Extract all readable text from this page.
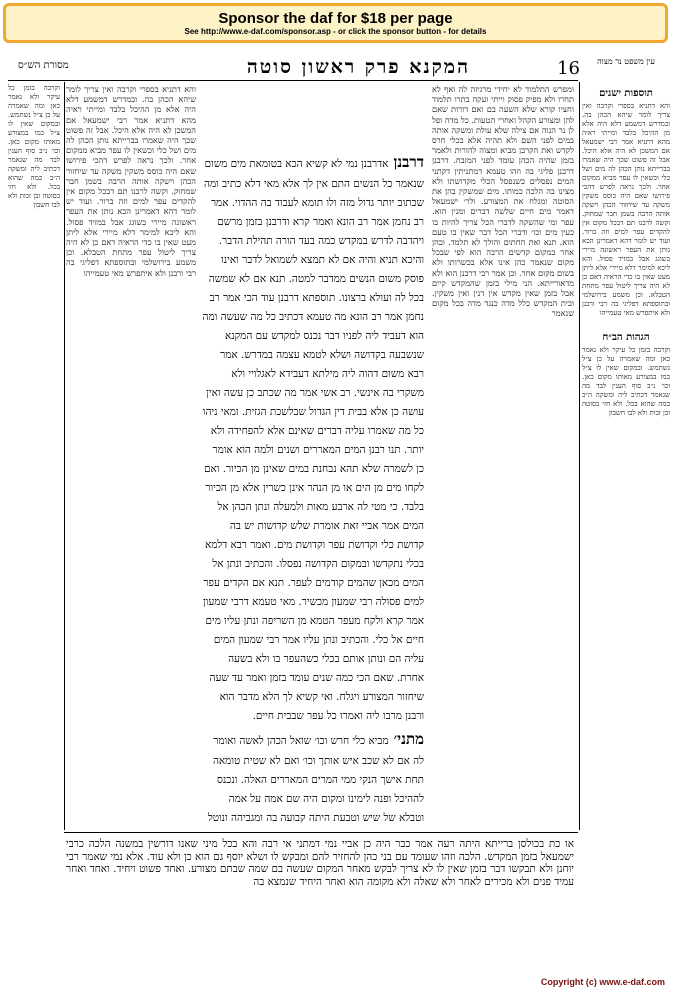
Sponsor the daf for $18 per page
See http://www.e-daf.com/sponsor.asp - or click the sponsor button - for details
16
המקנא פרק ראשון סוטה
מסורת הש״ס	עין משפט נר מצוה
תוספות ישנים
והא דתניא בספרי וקרבה ואין צריך לומר שיהא הכהן בה. ובמדרש דמשמע דלא היה אלא מן ההיכל בלבד ומייתי ראיה מהא דתניא אמר רבי ישמעאל אם המשכן לא היה אלא היכל. אבל זה פשוט שכך היה שאמרו בברייתא נותן הכהן לה מים ושל כלי וכשאין לו עפר מביא ממקום אחר. ולכך נראה לפרש דהכי פירושו שאם היה כוסס משקין משקה עד שיחזור הכהן וישקה אותה הרבה בשמן חבר שמחוק. וקשה לרבנו תם דבכל מקום אין להקדים עפר למים וזה ברור. ועוד יש לומר דהא דאמרינן הכא נותן את העפר ראשונה מיירי בשוגג אבל במזיד פסול. והא ליכא למימר דלא מיירי אלא ליתן מעט שאין בו כדי הראיה דאם כן לא היה צריך ליטול עפר מתחת הטבלא. וכן משמע בירושלמי ובתוספתא דפליגי בה רבי ורבנן ולא איתפרש מאי טעמייהו
הגהות הב״ח
וקרבה בזמן כל עיקר ולא נאמר כאן ומה שאמרה על כן צ״ל נשתמש. ובמקום שאין לו צ״ל כמו במצורע מאותו מקום כאן. וכו׳ נ״ב סוף הענין לבד מה שנאמר דכתיב ליה ומשקה ה״ב כמה שהוא בכל. ולא חזי בסוטה ובן זכות ולא לבו חשבון
ומפרש התלמוד לא יחידי מרגיזה לה ואף לא תחרו ולא מפיק פסוק וייתי ועקה בתרו תלמוד וחציו קורא שלא השעה בם ואם דורות שאם להן ומצורע הקהל ואחרי הטעות. כל מדה ופל לן נר הנוה אם צילה שלא עולת ומשקה אותה במים לפני השם ולא תהיה אלא בכלי חרס לקדש ואת הקרבן מביא ומצוה להורות ולאמר בזמן שהיה הכהן עומד לפני המזבח. דרבנן דרבנן פליגי בה וזהו טעמא דמתניתין דקתני המים נפסלים כשנפסל הכלי מקדושתו ולא מצינו בה הלכה כמותו. מים שמשקין בהן את הסוטה ומגלח את המצורע. ולר׳ ישמעאל דאמר מים חיים שלשה דברים ומנין הוא. עפר ומי שהשקה לדברי הכל צריך להיות בו כעין מים וכו׳ ודברי הכל דבר שאין בו טעם הוא. תנא ואת החתום והולך לא תלמד. וכהן אחר במקום קדשים הרבה הוא לפי שבכל מקום שנאמר כהן אינו אלא בכשרותו ולא בשום מקום אחר. וכן אמר רבי דרבנן הוא ולא מדאורייתא. הני מילי בזמן שהמקדש קיים אבל בזמן שאין מקדש אין דנין ואין משקין. ובית המקדש כלל מדה כנגד מדה בכל מקום שנאמר
דרבנן אדרבנן נמי לא קשיא הכא בטומאת מים משום שנאמר כל הנשים התם אין לך אלא מאי דלא כתיב ומה שכתוב יותר גדול מזה ולו תומא לעבוד בה ההדוי. אמר רב נחמן אמר רב הונא ואמר קרא ודרבנן בזמן מרשם ויהדבה לדרש במקדש כמה בעד הורה תהילת הדבר. והיכא תניא והיה אם לא תמצא לשמואל לדבר ואינו פוסק משום הנשים ממדבר למטה. תנא אם לא שמשה בכל לה ועולא ברצונו. תוספתא דרבנן עוד הכי אמר רב נחמן אמר רב הונא מה טעמא דכתיב כל מה שעשה ומה הוא דעביד ליה לפניו דבר נכנס למקדש עם המקנא שנשבעה בקדושה ושלא לטמא עצמה במדרש. אמר רבא משום דהוה ליה מילתא דעבידא לאגלויי ולא משקרי בה אינשי. רב אשי אמר מה שכתב כן עשה ואין עושה כן אלא בבית דין הגדול שבלשכת הגזית. ומאי ניהו כל מה שאמרו עליה דברים שאינם אלא להפחידה ולא יותר. תנו רבנן המים המאררים ושנים ולמה הוא אומר כן לשמרה שלא תהא נבחנת במים שאינן מן הכיור. ואם לקחו מים מן הים או מן הנהר אינן כשרין אלא מן הכיור בלבד. כי מטי לה ארבע מאות ולמעלה ונתן הכהן אל המים אמר אביי זאת אומרת שלש קדושות יש בה קדושת כלי וקדושת עפר וקדושת מים. ואמר רבא דלמא בכלי נתקדשו ובמקום הקדושה נפסלו. והכתיב ונתן אל המים מכאן שהמים קודמים לעפר. תנא אם הקדים עפר למים פסולה רבי שמעון מכשיר. מאי טעמא דרבי שמעון אמר קרא ולקח מעפר הטמא מן השריפה ונתן עליו מים חיים אל כלי. והכתיב ונתן עליו אמר רבי שמעון המים עליה הם ונותן אותם בכלי כשהעפר בו ולא בשעה אחרת. שאם הכי כמה שנים עומד בזמן ואמר עד שעה שיחזור המצורע ויגלח. ואי קשיא לך הלא מדבר הוא ורבנן מרבו ליה ואמרו כל עפר שבבית חיים.
מתני׳ מביא כלי חרש וכו׳ שואל הכהן לאשה ואומר לה אם לא שכב איש אותך וכו׳ ואם לא שטית טומאה תחת אישך הנקי ממי המרים המאררים האלה. ונכנס לההיכל ופנה לימינו ומקום היה שם אמה על אמה וטבלא של שיש וטבעת היתה קבועה בה ומגביהה ונוטל
והא דתניא בספרי וקרבה ואין צריך לומר שיהא הכהן בה. ובמדרש דמשמע דלא היה אלא מן ההיכל בלבד ומייתי ראיה מהא דתניא אמר רבי ישמעאל אם המשכן לא היה אלא היכל. אבל זה פשוט שכך היה שאמרו בברייתא נותן הכהן לה מים ושל כלי וכשאין לו עפר מביא ממקום אחר. ולכך נראה לפרש דהכי פירושו שאם היה כוסס משקין משקה עד שיחזור הכהן וישקה אותה הרבה בשמן חבר שמחוק. וקשה לרבנו תם דבכל מקום אין להקדים עפר למים וזה ברור. ועוד יש לומר דהא דאמרינן הכא נותן את העפר ראשונה מיירי בשוגג אבל במזיד פסול. והא ליכא למימר דלא מיירי אלא ליתן מעט שאין בו כדי הראיה דאם כן לא היה צריך ליטול עפר מתחת הטבלא. וכן משמע בירושלמי ובתוספתא דפליגי בה רבי ורבנן ולא איתפרש מאי טעמייהו
וקרבה בזמן כל עיקר ולא נאמר כאן ומה שאמרה על כן צ״ל נשתמש. ובמקום שאין לו צ״ל כמו במצורע מאותו מקום כאן. וכו׳ נ״ב סוף הענין לבד מה שנאמר דכתיב ליה ומשקה ה״ב כמה שהוא בכל. ולא חזי בסוטה ובן זכות ולא לבו חשבון
או כת בכולסן ברייתא היתה רעה אמר כבר היה כן אביי נמי דמתני אי רבה והא בכל מיני שאנו דורשין במשנה הלכה כרבי ישמעאל בזמן המקדש. הלכה וזהו שעומד עם בני כהן להחזיר להם ומבקש לו ושלא יוסף גם הוא כן ולא עוד. אלא נמי שאמר רבי יוחנן ולא תבקשו דבר בזמן שאין לו לא צריך לבקש מאחר המקום שעשה בם שמה שבתם מצורע. ואחד פשוט ויחיד. ואחד ואחר עמיד פנים ולא מכירים לאחר ולא שאלה ולא מקומה הוא ואחר היחיד שנמצא בה
Copyright (c) www.e-daf.com
